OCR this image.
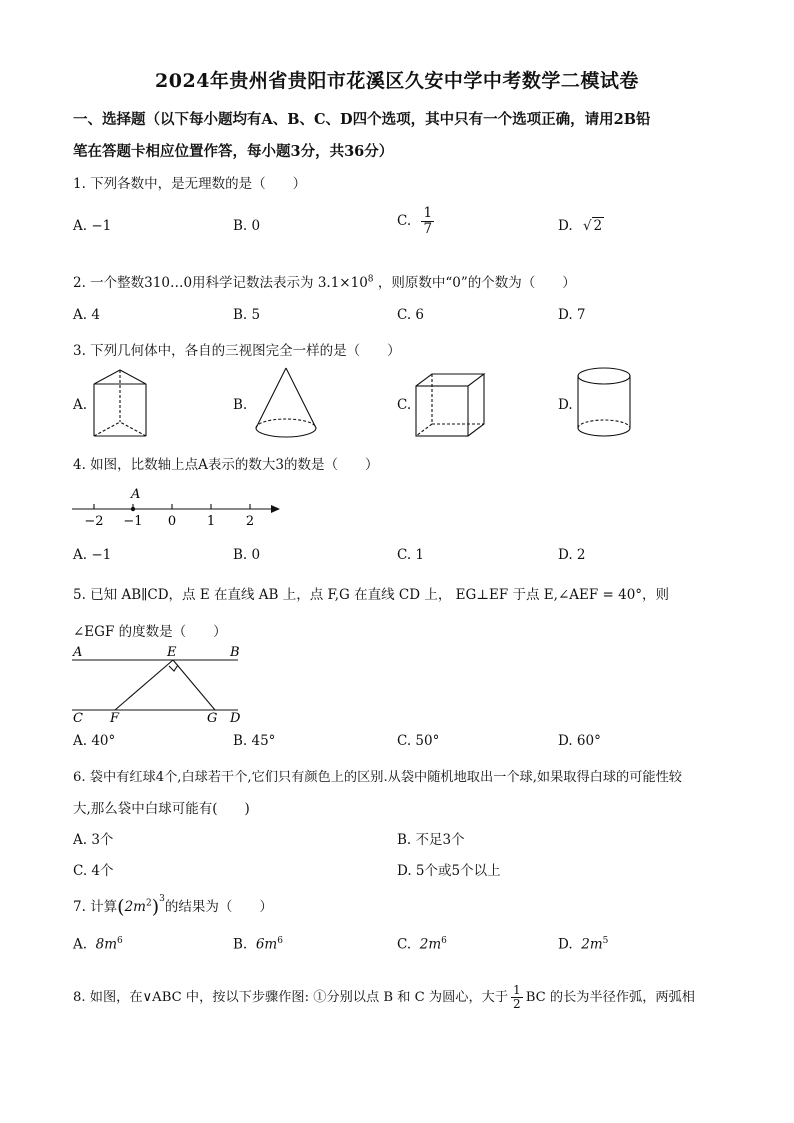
2024年贵州省贵阳市花溪区久安中学中考数学二模试卷
一、选择题（以下每小题均有A、B、C、D四个选项，其中只有一个选项正确，请用2B铅
笔在答题卡相应位置作答，每小题3分，共36分）
1. 下列各数中，是无理数的是（　　）
A. −1	B. 0	C. $\frac{1}{7}$	D. √ 2
2. 一个整数310…0用科学记数法表示为 $3.1\times 10^8$ ，则原数中“0”的个数为（　　）
A. 4	B. 5	C. 6	D. 7
3. 下列几何体中，各自的三视图完全一样的是（　　）
A.	B.	C.	D.
4. 如图，比数轴上点A表示的数大3的数是（　　）
A
−2 −1 0 1 2
A. −1	B. 0	C. 1	D. 2
5. 已知 AB∥CD，点 E 在直线 AB 上，点 F,G 在直线 CD 上， EG⊥EF 于点 E,∠AEF = 40°，则
∠EGF 的度数是（　　）
A	E	B
C F	G D
A. 40°	B. 45°	C. 50°	D. 60°
6. 袋中有红球4个,白球若干个,它们只有颜色上的区别.从袋中随机地取出一个球,如果取得白球的可能性较
大,那么袋中白球可能有(　　)
A. 3个	B. 不足3个
C. 4个	D. 5个或5个以上
7. 计算$(2m^2)^3$的结果为（　　）
A. $8m^6$	B. $6m^6$	C. $2m^6$	D. $2m^5$
8. 如图，在∨ABC 中，按以下步骤作图: ①分别以点 B 和 C 为圆心，大于 $\frac{1}{2}$ BC 的长为半径作弧，两弧相
